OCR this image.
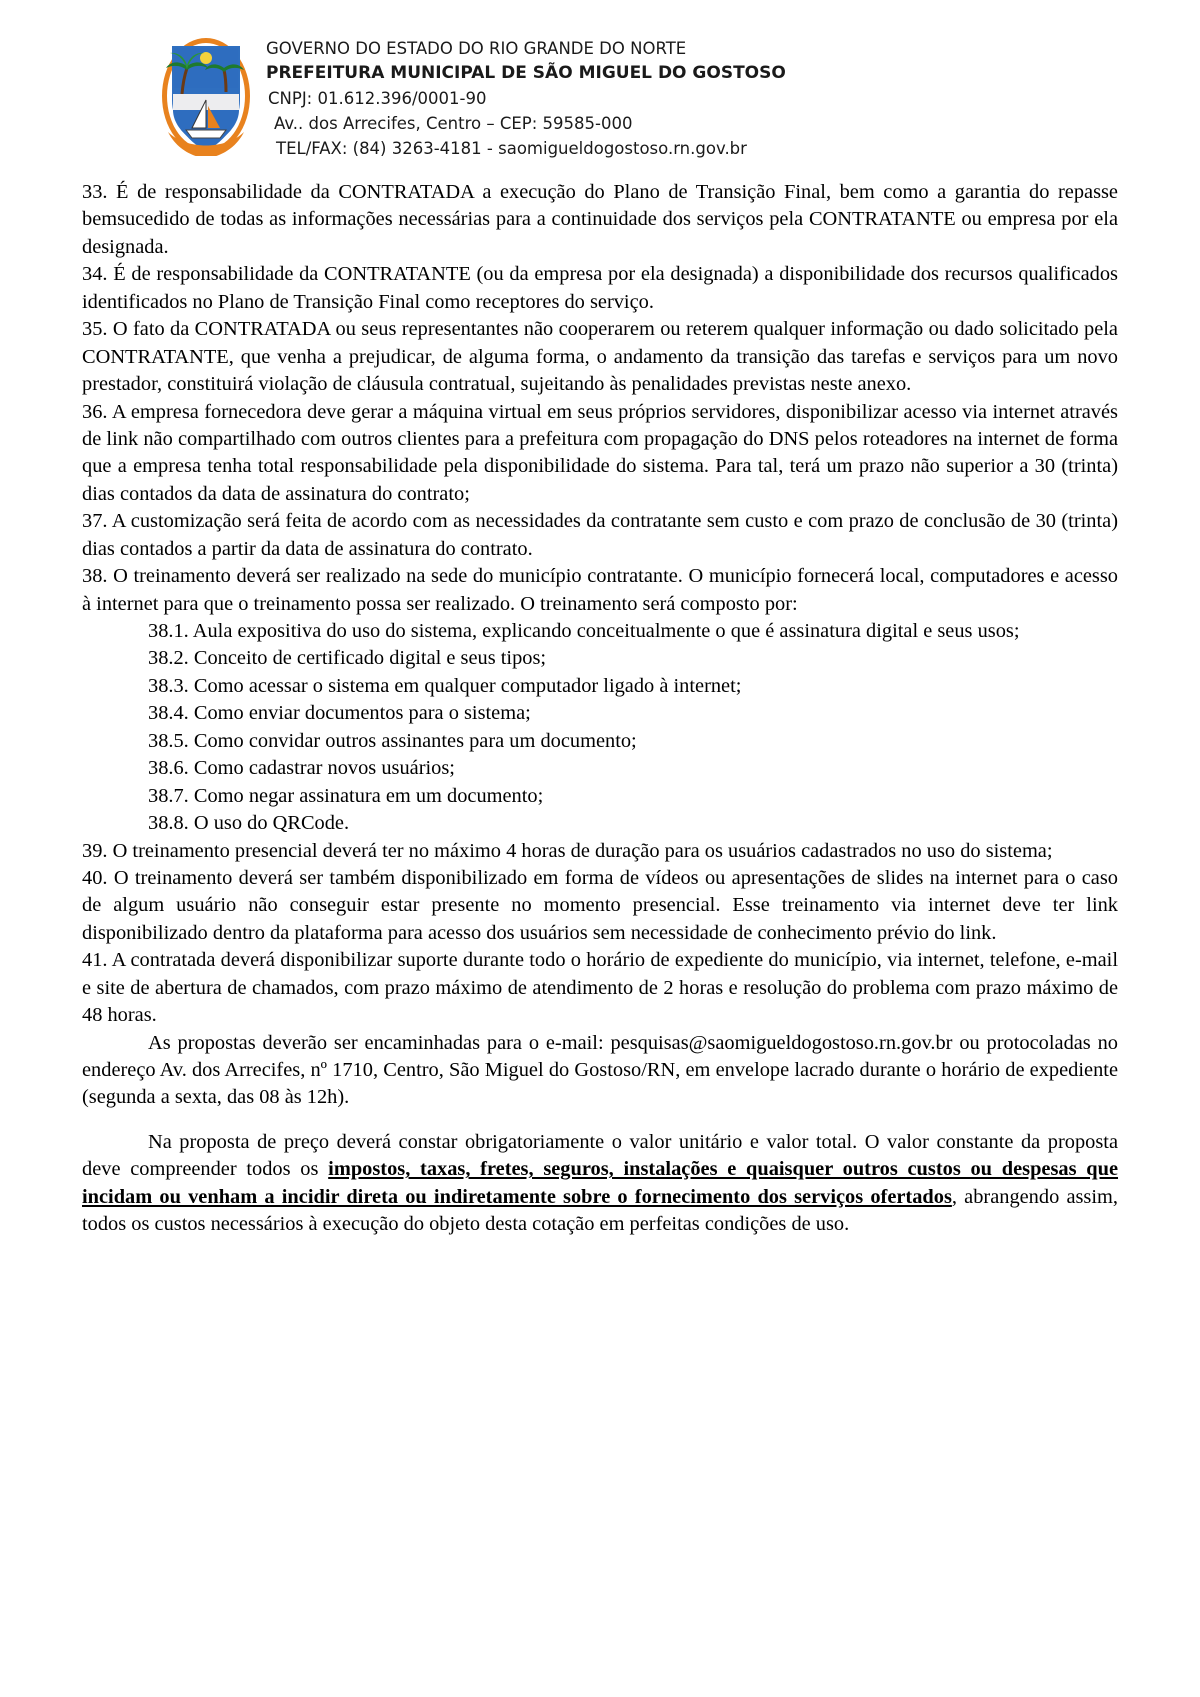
GOVERNO DO ESTADO DO RIO GRANDE DO NORTE
PREFEITURA MUNICIPAL DE SÃO MIGUEL DO GOSTOSO
CNPJ: 01.612.396/0001-90
Av.. dos Arrecifes, Centro – CEP: 59585-000
TEL/FAX: (84) 3263-4181 - saomigueldogostoso.rn.gov.br

33. É de responsabilidade da CONTRATADA a execução do Plano de Transição Final, bem como a garantia do repasse bemsucedido de todas as informações necessárias para a continuidade dos serviços pela CONTRATANTE ou empresa por ela designada.

34. É de responsabilidade da CONTRATANTE (ou da empresa por ela designada) a disponibilidade dos recursos qualificados identificados no Plano de Transição Final como receptores do serviço.

35. O fato da CONTRATADA ou seus representantes não cooperarem ou reterem qualquer informação ou dado solicitado pela CONTRATANTE, que venha a prejudicar, de alguma forma, o andamento da transição das tarefas e serviços para um novo prestador, constituirá violação de cláusula contratual, sujeitando às penalidades previstas neste anexo.

36. A empresa fornecedora deve gerar a máquina virtual em seus próprios servidores, disponibilizar acesso via internet através de link não compartilhado com outros clientes para a prefeitura com propagação do DNS pelos roteadores na internet de forma que a empresa tenha total responsabilidade pela disponibilidade do sistema. Para tal, terá um prazo não superior a 30 (trinta) dias contados da data de assinatura do contrato;

37. A customização será feita de acordo com as necessidades da contratante sem custo e com prazo de conclusão de 30 (trinta) dias contados a partir da data de assinatura do contrato.

38. O treinamento deverá ser realizado na sede do município contratante. O município fornecerá local, computadores e acesso à internet para que o treinamento possa ser realizado. O treinamento será composto por:

38.1. Aula expositiva do uso do sistema, explicando conceitualmente o que é assinatura digital e seus usos;

38.2. Conceito de certificado digital e seus tipos;

38.3. Como acessar o sistema em qualquer computador ligado à internet;

38.4. Como enviar documentos para o sistema;

38.5. Como convidar outros assinantes para um documento;

38.6. Como cadastrar novos usuários;

38.7. Como negar assinatura em um documento;

38.8. O uso do QRCode.

39. O treinamento presencial deverá ter no máximo 4 horas de duração para os usuários cadastrados no uso do sistema;

40. O treinamento deverá ser também disponibilizado em forma de vídeos ou apresentações de slides na internet para o caso de algum usuário não conseguir estar presente no momento presencial. Esse treinamento via internet deve ter link disponibilizado dentro da plataforma para acesso dos usuários sem necessidade de conhecimento prévio do link.

41. A contratada deverá disponibilizar suporte durante todo o horário de expediente do município, via internet, telefone, e-mail e site de abertura de chamados, com prazo máximo de atendimento de 2 horas e resolução do problema com prazo máximo de 48 horas.

As propostas deverão ser encaminhadas para o e-mail: pesquisas@saomigueldogostoso.rn.gov.br ou protocoladas no endereço Av. dos Arrecifes, nº 1710, Centro, São Miguel do Gostoso/RN, em envelope lacrado durante o horário de expediente (segunda a sexta, das 08 às 12h).

Na proposta de preço deverá constar obrigatoriamente o valor unitário e valor total. O valor constante da proposta deve compreender todos os impostos, taxas, fretes, seguros, instalações e quaisquer outros custos ou despesas que incidam ou venham a incidir direta ou indiretamente sobre o fornecimento dos serviços ofertados, abrangendo assim, todos os custos necessários à execução do objeto desta cotação em perfeitas condições de uso.
